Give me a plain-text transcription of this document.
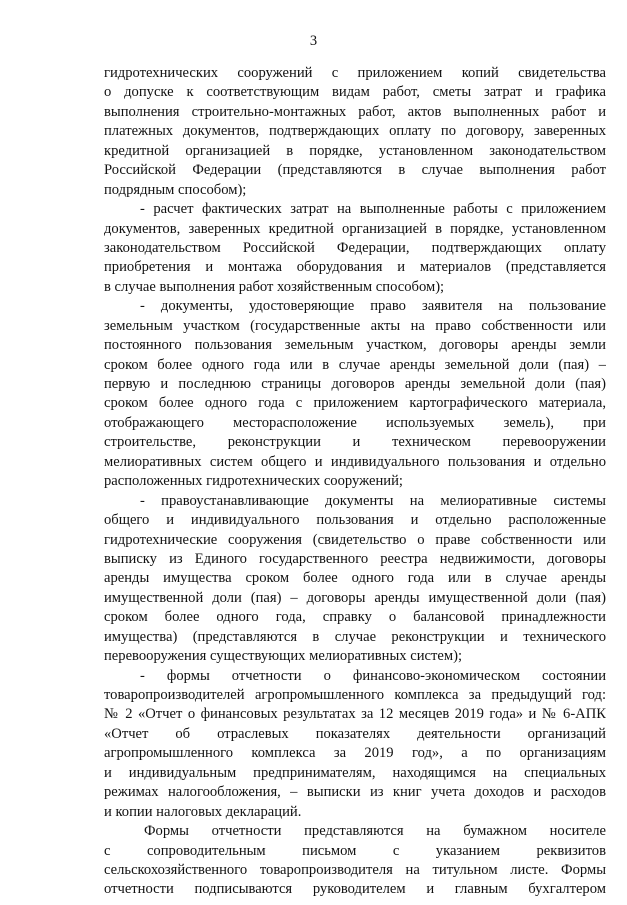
3
гидротехнических сооружений с приложением копий свидетельства
о допуске к соответствующим видам работ, сметы затрат и графика
выполнения строительно-монтажных работ, актов выполненных работ и
платежных документов, подтверждающих оплату по договору, заверенных
кредитной организацией в порядке, установленном законодательством
Российской Федерации (представляются в случае выполнения работ
подрядным способом);
- расчет фактических затрат на выполненные работы с приложением
документов, заверенных кредитной организацией в порядке, установленном
законодательством Российской Федерации, подтверждающих оплату
приобретения и монтажа оборудования и материалов (представляется
в случае выполнения работ хозяйственным способом);
- документы, удостоверяющие право заявителя на пользование
земельным участком (государственные акты на право собственности или
постоянного пользования земельным участком, договоры аренды земли
сроком более одного года или в случае аренды земельной доли (пая) –
первую и последнюю страницы договоров аренды земельной доли (пая)
сроком более одного года с приложением картографического материала,
отображающего месторасположение используемых земель), при
строительстве, реконструкции и техническом перевооружении
мелиоративных систем общего и индивидуального пользования и отдельно
расположенных гидротехнических сооружений;
- правоустанавливающие документы на мелиоративные системы
общего и индивидуального пользования и отдельно расположенные
гидротехнические сооружения (свидетельство о праве собственности или
выписку из Единого государственного реестра недвижимости, договоры
аренды имущества сроком более одного года или в случае аренды
имущественной доли (пая) – договоры аренды имущественной доли (пая)
сроком более одного года, справку о балансовой принадлежности
имущества) (представляются в случае реконструкции и технического
перевооружения существующих мелиоративных систем);
- формы отчетности о финансово-экономическом состоянии
товаропроизводителей агропромышленного комплекса за предыдущий год:
№ 2 «Отчет о финансовых результатах за 12 месяцев 2019 года» и № 6-АПК
«Отчет об отраслевых показателях деятельности организаций
агропромышленного комплекса за 2019 год», а по организациям
и индивидуальным предпринимателям, находящимся на специальных
режимах налогообложения, – выписки из книг учета доходов и расходов
и копии налоговых деклараций.
Формы отчетности представляются на бумажном носителе
с сопроводительным письмом с указанием реквизитов
сельскохозяйственного товаропроизводителя на титульном листе. Формы
отчетности подписываются руководителем и главным бухгалтером
